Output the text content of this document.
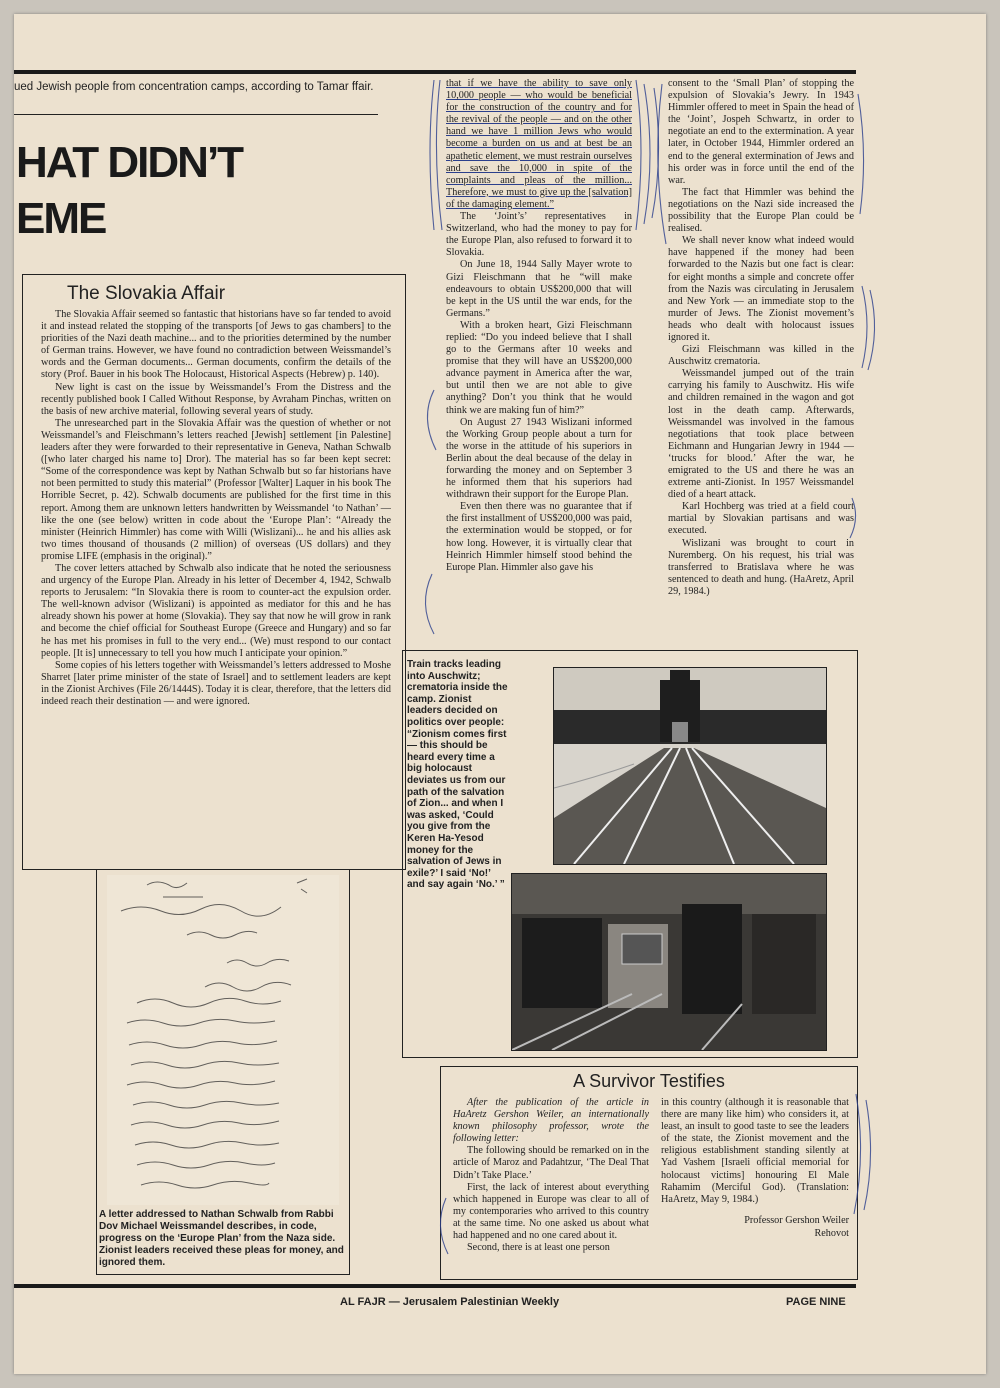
ued Jewish people from concentration camps, according to Tamar ffair.
HAT DIDN’T
EME
The Slovakia Affair

The Slovakia Affair seemed so fantastic that historians have so far tended to avoid it and instead related the stopping of the transports [of Jews to gas chambers] to the priorities of the Nazi death machine... and to the priorities determined by the number of German trains. However, we have found no contradiction between Weissmandel’s words and the German documents... German documents, confirm the details of the story (Prof. Bauer in his book The Holocaust, Historical Aspects (Hebrew) p. 140).

New light is cast on the issue by Weissmandel’s From the Distress and the recently published book I Called Without Response, by Avraham Pinchas, written on the basis of new archive material, following several years of study.

The unresearched part in the Slovakia Affair was the question of whether or not Weissmandel’s and Fleischmann’s letters reached [Jewish] settlement [in Palestine] leaders after they were forwarded to their representative in Geneva, Nathan Schwalb ([who later charged his name to] Dror). The material has so far been kept secret: “Some of the correspondence was kept by Nathan Schwalb but so far historians have not been permitted to study this material” (Professor [Walter] Laquer in his book The Horrible Secret, p. 42). Schwalb documents are published for the first time in this report. Among them are unknown letters handwritten by Weissmandel ‘to Nathan’ — like the one (see below) written in code about the ‘Europe Plan’: “Already the minister (Heinrich Himmler) has come with Willi (Wislizani)... he and his allies ask two times thousand of thousands (2 million) of overseas (US dollars) and they promise LIFE (emphasis in the original).”

The cover letters attached by Schwalb also indicate that he noted the seriousness and urgency of the Europe Plan. Already in his letter of December 4, 1942, Schwalb reports to Jerusalem: “In Slovakia there is room to counter-act the expulsion order. The well-known advisor (Wislizani) is appointed as mediator for this and he has already shown his power at home (Slovakia). They say that now he will grow in rank and become the chief official for Southeast Europe (Greece and Hungary) and so far he has met his promises in full to the very end... (We) must respond to our contact people. [It is] unnecessary to tell you how much I anticipate your opinion.”

Some copies of his letters together with Weissmandel’s letters addressed to Moshe Sharret [later prime minister of the state of Israel] and to settlement leaders are kept in the Zionist Archives (File 26/1444S). Today it is clear, therefore, that the letters did indeed reach their destination — and were ignored.

A letter addressed to Nathan Schwalb from Rabbi Dov Michael Weissmandel describes, in code, progress on the ‘Europe Plan’ from the Naza side. Zionist leaders received these pleas for money, and ignored them.

that if we have the ability to save only 10,000 people — who would be beneficial for the construction of the country and for the revival of the people — and on the other hand we have 1 million Jews who would become a burden on us and at best be an apathetic element, we must restrain ourselves and save the 10,000 in spite of the complaints and pleas of the million... Therefore, we must to give up the [salvation] of the damaging element.”

The ‘Joint’s’ representatives in Switzerland, who had the money to pay for the Europe Plan, also refused to forward it to Slovakia.

On June 18, 1944 Sally Mayer wrote to Gizi Fleischmann that he “will make endeavours to obtain US$200,000 that will be kept in the US until the war ends, for the Germans.”

With a broken heart, Gizi Fleischmann replied: “Do you indeed believe that I shall go to the Germans after 10 weeks and promise that they will have an US$200,000 advance payment in America after the war, but until then we are not able to give anything? Don’t you think that he would think we are making fun of him?”

On August 27 1943 Wislizani informed the Working Group people about a turn for the worse in the attitude of his superiors in Berlin about the deal because of the delay in forwarding the money and on September 3 he informed them that his superiors had withdrawn their support for the Europe Plan.

Even then there was no guarantee that if the first installment of US$200,000 was paid, the extermination would be stopped, or for how long. However, it is virtually clear that Heinrich Himmler himself stood behind the Europe Plan. Himmler also gave his

consent to the ‘Small Plan’ of stopping the expulsion of Slovakia’s Jewry. In 1943 Himmler offered to meet in Spain the head of the ‘Joint’, Jospeh Schwartz, in order to negotiate an end to the extermination. A year later, in October 1944, Himmler ordered an end to the general extermination of Jews and his order was in force until the end of the war.

The fact that Himmler was behind the negotiations on the Nazi side increased the possibility that the Europe Plan could be realised.

We shall never know what indeed would have happened if the money had been forwarded to the Nazis but one fact is clear: for eight months a simple and concrete offer from the Nazis was circulating in Jerusalem and New York — an immediate stop to the murder of Jews. The Zionist movement’s heads who dealt with holocaust issues ignored it.

Gizi Fleischmann was killed in the Auschwitz crematoria.

Weissmandel jumped out of the train carrying his family to Auschwitz. His wife and children remained in the wagon and got lost in the death camp. Afterwards, Weissmandel was involved in the famous negotiations that took place between Eichmann and Hungarian Jewry in 1944 — ‘trucks for blood.’ After the war, he emigrated to the US and there he was an extreme anti-Zionist. In 1957 Weissmandel died of a heart attack.

Karl Hochberg was tried at a field court martial by Slovakian partisans and was executed.

Wislizani was brought to court in Nuremberg. On his request, his trial was transferred to Bratislava where he was sentenced to death and hung. (HaAretz, April 29, 1984.)

Train tracks leading into Auschwitz; crematoria inside the camp. Zionist leaders decided on politics over people: “Zionism comes first — this should be heard every time a big holocaust deviates us from our path of the salvation of Zion... and when I was asked, ‘Could you give from the Keren Ha-Yesod money for the salvation of Jews in exile?’ I said ‘No!’ and say again ‘No.’ ”

A Survivor Testifies

After the publication of the article in HaAretz Gershon Weiler, an internationally known philosophy professor, wrote the following letter:

The following should be remarked on in the article of Maroz and Padahtzur, ‘The Deal That Didn’t Take Place.’

First, the lack of interest about everything which happened in Europe was clear to all of my contemporaries who arrived to this country at the same time. No one asked us about what had happened and no one cared about it.

Second, there is at least one person

in this country (although it is reasonable that there are many like him) who considers it, at least, an insult to good taste to see the leaders of the state, the Zionist movement and the religious establishment standing silently at Yad Vashem [Israeli official memorial for holocaust victims] honouring El Male Rahamim (Merciful God). (Translation: HaAretz, May 9, 1984.)

Professor Gershon Weiler
Rehovot
AL FAJR — Jerusalem Palestinian Weekly	PAGE NINE
